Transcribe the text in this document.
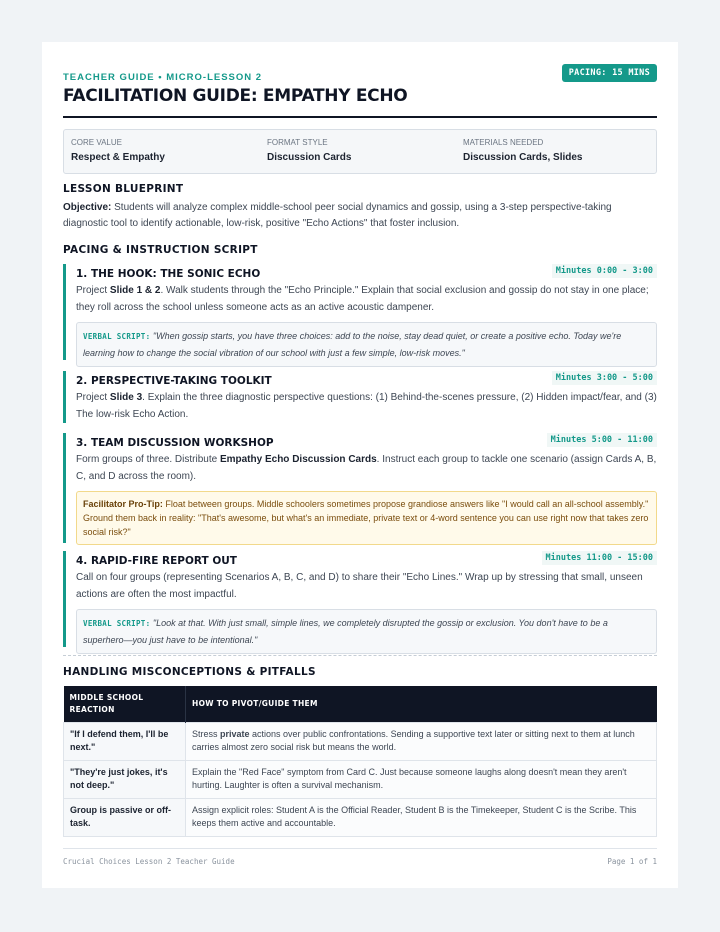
TEACHER GUIDE • MICRO-LESSON 2	PACING: 15 MINS
FACILITATION GUIDE: EMPATHY ECHO
CORE VALUE
Respect & Empathy
FORMAT STYLE
Discussion Cards
MATERIALS NEEDED
Discussion Cards, Slides
LESSON BLUEPRINT
Objective: Students will analyze complex middle-school peer social dynamics and gossip, using a 3-step perspective-taking diagnostic tool to identify actionable, low-risk, positive "Echo Actions" that foster inclusion.
PACING & INSTRUCTION SCRIPT
1. THE HOOK: THE SONIC ECHO	Minutes 0:00 - 3:00
Project Slide 1 & 2. Walk students through the "Echo Principle." Explain that social exclusion and gossip do not stay in one place; they roll across the school unless someone acts as an active acoustic dampener.
VERBAL SCRIPT: "When gossip starts, you have three choices: add to the noise, stay dead quiet, or create a positive echo. Today we're learning how to change the social vibration of our school with just a few simple, low-risk moves."
2. PERSPECTIVE-TAKING TOOLKIT	Minutes 3:00 - 5:00
Project Slide 3. Explain the three diagnostic perspective questions: (1) Behind-the-scenes pressure, (2) Hidden impact/fear, and (3) The low-risk Echo Action.
3. TEAM DISCUSSION WORKSHOP	Minutes 5:00 - 11:00
Form groups of three. Distribute Empathy Echo Discussion Cards. Instruct each group to tackle one scenario (assign Cards A, B, C, and D across the room).
Facilitator Pro-Tip: Float between groups. Middle schoolers sometimes propose grandiose answers like "I would call an all-school assembly." Ground them back in reality: "That's awesome, but what's an immediate, private text or 4-word sentence you can use right now that takes zero social risk?"
4. RAPID-FIRE REPORT OUT	Minutes 11:00 - 15:00
Call on four groups (representing Scenarios A, B, C, and D) to share their "Echo Lines." Wrap up by stressing that small, unseen actions are often the most impactful.
VERBAL SCRIPT: "Look at that. With just small, simple lines, we completely disrupted the gossip or exclusion. You don't have to be a superhero—you just have to be intentional."
HANDLING MISCONCEPTIONS & PITFALLS
MIDDLE SCHOOL REACTION	HOW TO PIVOT/GUIDE THEM
"If I defend them, I'll be next."	Stress private actions over public confrontations. Sending a supportive text later or sitting next to them at lunch carries almost zero social risk but means the world.
"They're just jokes, it's not deep."	Explain the "Red Face" symptom from Card C. Just because someone laughs along doesn't mean they aren't hurting. Laughter is often a survival mechanism.
Group is passive or off-task.	Assign explicit roles: Student A is the Official Reader, Student B is the Timekeeper, Student C is the Scribe. This keeps them active and accountable.
Crucial Choices Lesson 2 Teacher Guide	Page 1 of 1
